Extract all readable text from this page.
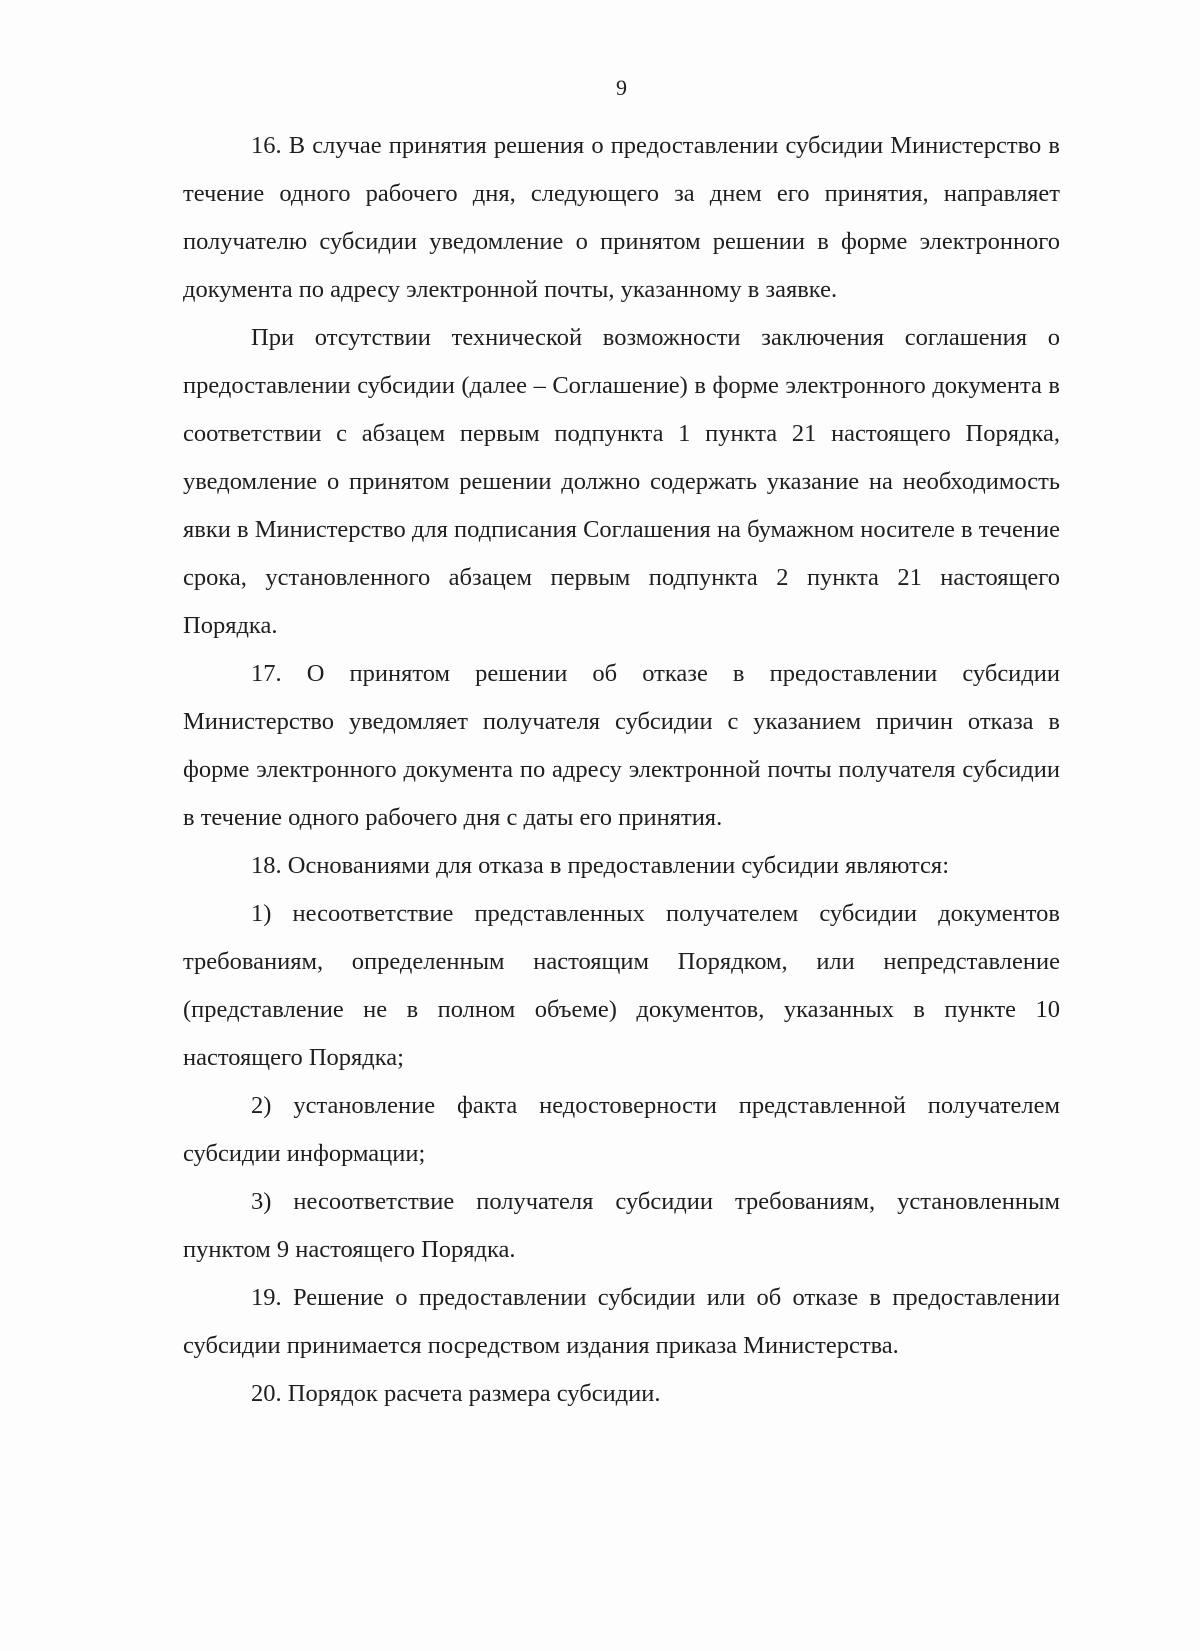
9

16. В случае принятия решения о предоставлении субсидии Министерство в течение одного рабочего дня, следующего за днем его принятия, направляет получателю субсидии уведомление о принятом решении в форме электронного документа по адресу электронной почты, указанному в заявке.

При отсутствии технической возможности заключения соглашения о предоставлении субсидии (далее – Соглашение) в форме электронного документа в соответствии с абзацем первым подпункта 1 пункта 21 настоящего Порядка, уведомление о принятом решении должно содержать указание на необходимость явки в Министерство для подписания Соглашения на бумажном носителе в течение срока, установленного абзацем первым подпункта 2 пункта 21 настоящего Порядка.

17. О принятом решении об отказе в предоставлении субсидии Министерство уведомляет получателя субсидии с указанием причин отказа в форме электронного документа по адресу электронной почты получателя субсидии в течение одного рабочего дня с даты его принятия.

18. Основаниями для отказа в предоставлении субсидии являются:

1) несоответствие представленных получателем субсидии документов требованиям, определенным настоящим Порядком, или непредставление (представление не в полном объеме) документов, указанных в пункте 10 настоящего Порядка;

2) установление факта недостоверности представленной получателем субсидии информации;

3) несоответствие получателя субсидии требованиям, установленным пунктом 9 настоящего Порядка.

19. Решение о предоставлении субсидии или об отказе в предоставлении субсидии принимается посредством издания приказа Министерства.

20. Порядок расчета размера субсидии.
